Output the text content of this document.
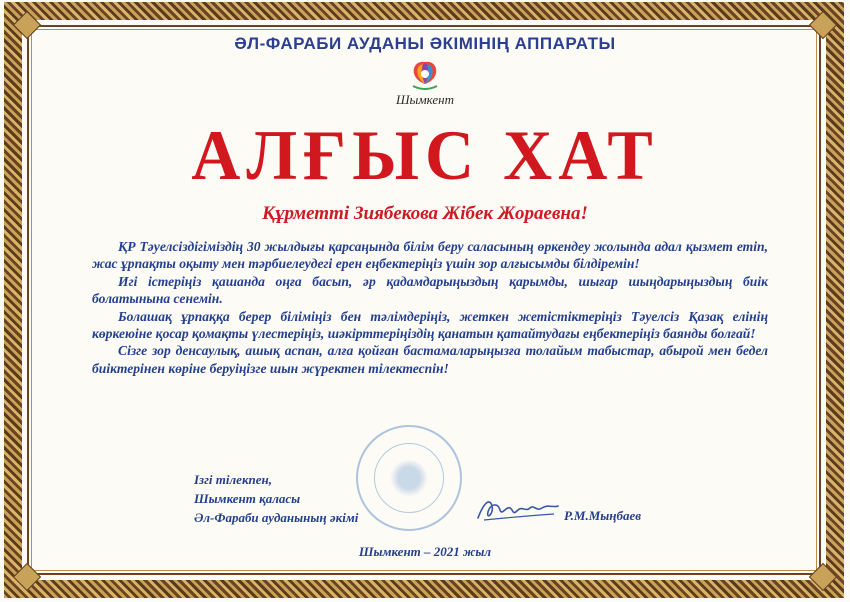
ӘЛ-ФАРАБИ АУДАНЫ ӘКІМІНІҢ АППАРАТЫ
Шымкент
АЛҒЫС ХАТ
Құрметті Зиябекова Жібек Жораевна!

ҚР Тәуелсіздігімiздің 30 жылдығы қарсаңында білім беру саласының өркендеу жолында адал қызмет етіп, жас ұрпақты оқыту мен тәрбиелеудегі ерен еңбектеріңіз үшін зор алғысымды білдіремін!

Игі істеріңіз қашанда оңға басып, әр қадамдарыңыздың қарымды, шығар шыңдарыңыздың биік болатынына сенемін.

Болашақ ұрпаққа берер біліміңіз бен тәлімдеріңіз, жеткен жетістіктеріңіз Тәуелсіз Қазақ елінің көркеюіне қосар қомақты үлестеріңіз, шәкірттеріңіздің қанатын қатайтудағы еңбектеріңіз баянды болғай!

Сізге зор денсаулық, ашық аспан, алға қойған бастамаларыңызға толайым табыстар, абырой мен бедел биіктерінен көріне беруіңізге шын жүректен тілектеспін!

Ізгі тілекпен,
Шымкент қаласы
Әл-Фараби ауданының әкімі	Р.М.Мыңбаев
Шымкент – 2021 жыл
